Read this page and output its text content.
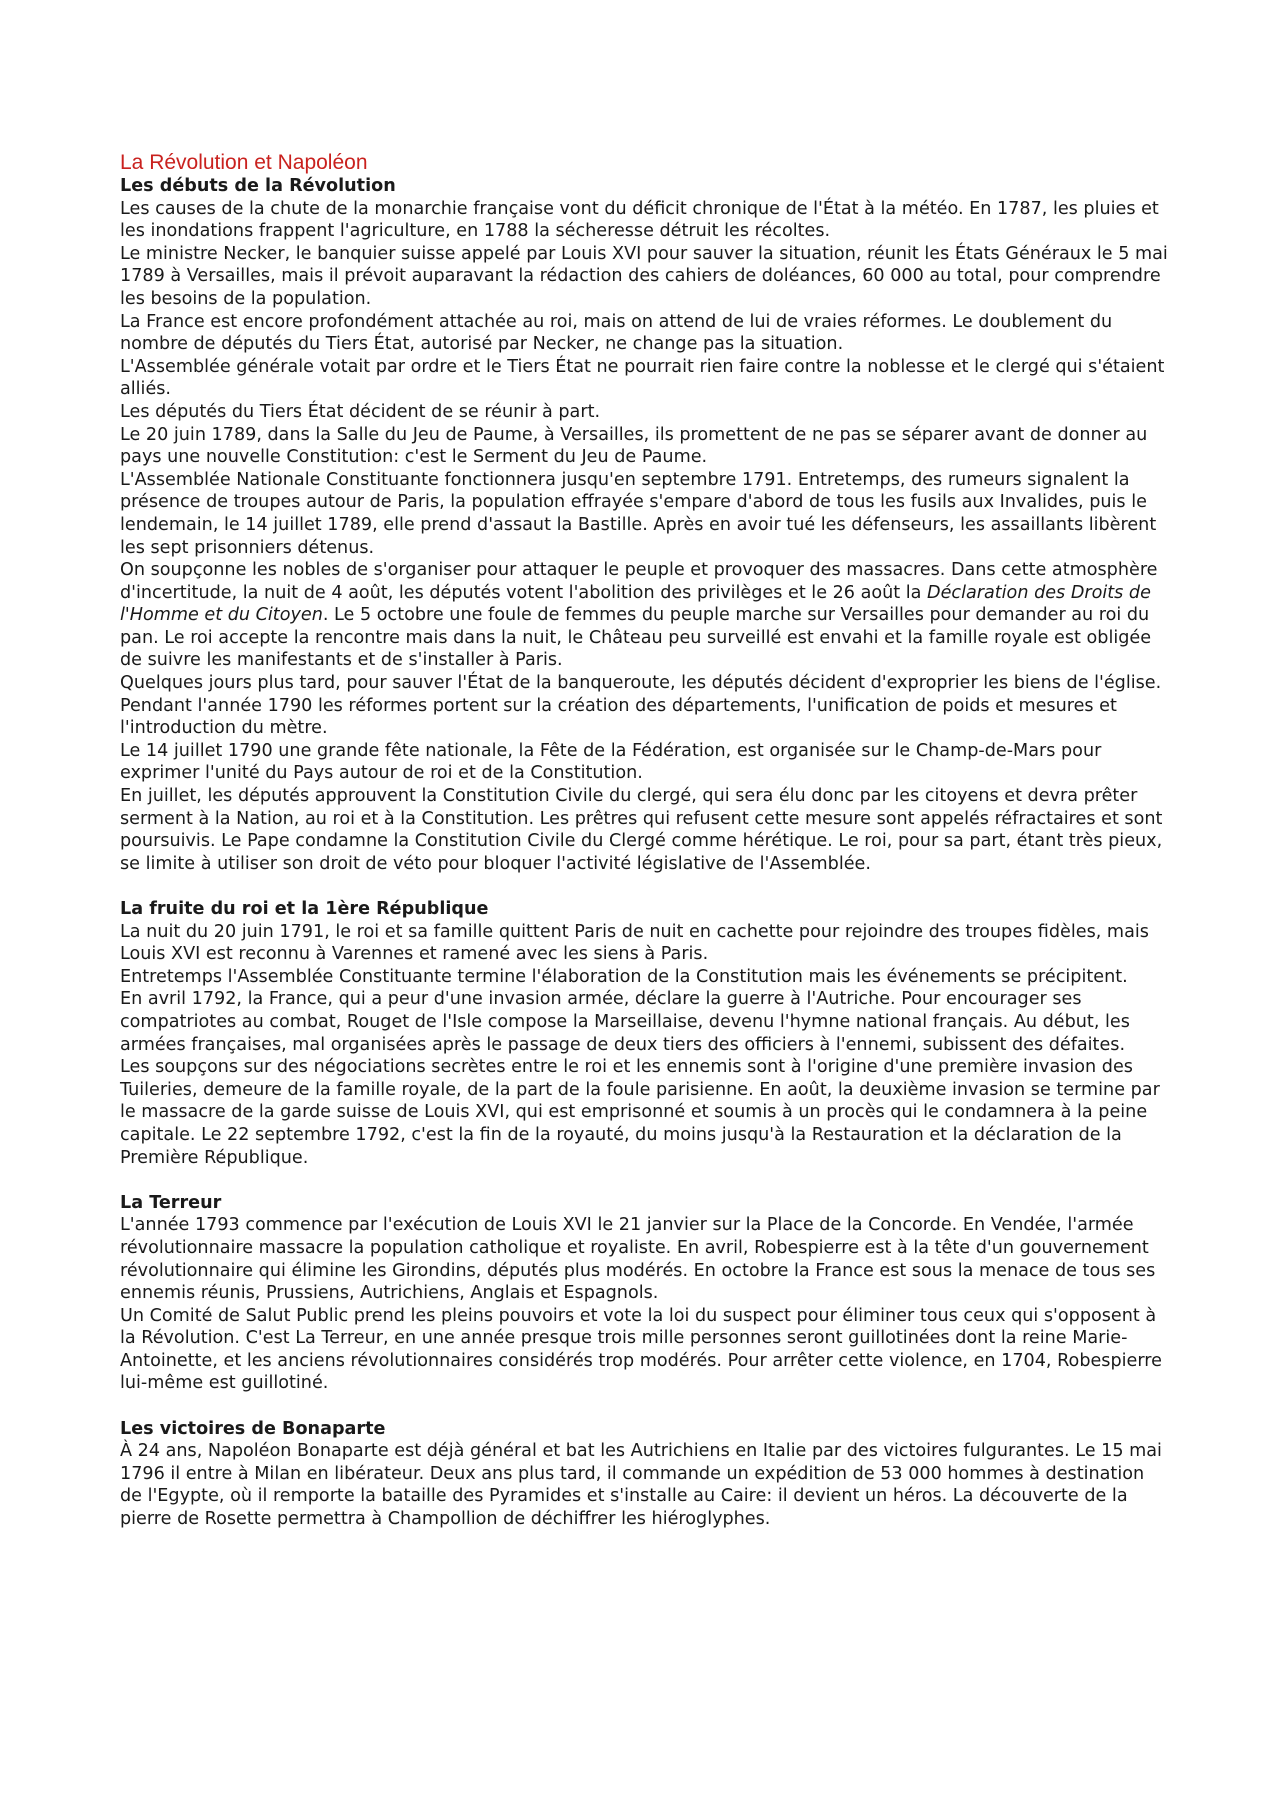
La Révolution et Napoléon
Les débuts de la Révolution

Les causes de la chute de la monarchie française vont du déficit chronique de l'État à la météo. En 1787, les pluies et les inondations frappent l'agriculture, en 1788 la sécheresse détruit les récoltes.

Le ministre Necker, le banquier suisse appelé par Louis XVI pour sauver la situation, réunit les États Généraux le 5 mai 1789 à Versailles, mais il prévoit auparavant la rédaction des cahiers de doléances, 60 000 au total, pour comprendre les besoins de la population.

La France est encore profondément attachée au roi, mais on attend de lui de vraies réformes. Le doublement du nombre de députés du Tiers État, autorisé par Necker, ne change pas la situation.

L'Assemblée générale votait par ordre et le Tiers État ne pourrait rien faire contre la noblesse et le clergé qui s'étaient alliés.

Les députés du Tiers État décident de se réunir à part.

Le 20 juin 1789, dans la Salle du Jeu de Paume, à Versailles, ils promettent de ne pas se séparer avant de donner au pays une nouvelle Constitution: c'est le Serment du Jeu de Paume.

L'Assemblée Nationale Constituante fonctionnera jusqu'en septembre 1791. Entretemps, des rumeurs signalent la présence de troupes autour de Paris, la population effrayée s'empare d'abord de tous les fusils aux Invalides, puis le lendemain, le 14 juillet 1789, elle prend d'assaut la Bastille. Après en avoir tué les défenseurs, les assaillants libèrent les sept prisonniers détenus.

On soupçonne les nobles de s'organiser pour attaquer le peuple et provoquer des massacres. Dans cette atmosphère d'incertitude, la nuit de 4 août, les députés votent l'abolition des privilèges et le 26 août la Déclaration des Droits de l'Homme et du Citoyen. Le 5 octobre une foule de femmes du peuple marche sur Versailles pour demander au roi du pan. Le roi accepte la rencontre mais dans la nuit, le Château peu surveillé est envahi et la famille royale est obligée de suivre les manifestants et de s'installer à Paris.

Quelques jours plus tard, pour sauver l'État de la banqueroute, les députés décident d'exproprier les biens de l'église. Pendant l'année 1790 les réformes portent sur la création des départements, l'unification de poids et mesures et l'introduction du mètre.

Le 14 juillet 1790 une grande fête nationale, la Fête de la Fédération, est organisée sur le Champ-de-Mars pour exprimer l'unité du Pays autour de roi et de la Constitution.

En juillet, les députés approuvent la Constitution Civile du clergé, qui sera élu donc par les citoyens et devra prêter serment à la Nation, au roi et à la Constitution. Les prêtres qui refusent cette mesure sont appelés réfractaires et sont poursuivis. Le Pape condamne la Constitution Civile du Clergé comme hérétique. Le roi, pour sa part, étant très pieux, se limite à utiliser son droit de véto pour bloquer l'activité législative de l'Assemblée.

La fruite du roi et la 1ère République

La nuit du 20 juin 1791, le roi et sa famille quittent Paris de nuit en cachette pour rejoindre des troupes fidèles, mais Louis XVI est reconnu à Varennes et ramené avec les siens à Paris.

Entretemps l'Assemblée Constituante termine l'élaboration de la Constitution mais les événements se précipitent.

En avril 1792, la France, qui a peur d'une invasion armée, déclare la guerre à l'Autriche. Pour encourager ses compatriotes au combat, Rouget de l'Isle compose la Marseillaise, devenu l'hymne national français. Au début, les armées françaises, mal organisées après le passage de deux tiers des officiers à l'ennemi, subissent des défaites.

Les soupçons sur des négociations secrètes entre le roi et les ennemis sont à l'origine d'une première invasion des Tuileries, demeure de la famille royale, de la part de la foule parisienne. En août, la deuxième invasion se termine par le massacre de la garde suisse de Louis XVI, qui est emprisonné et soumis à un procès qui le condamnera à la peine capitale. Le 22 septembre 1792, c'est la fin de la royauté, du moins jusqu'à la Restauration et la déclaration de la Première République.

La Terreur

L'année 1793 commence par l'exécution de Louis XVI le 21 janvier sur la Place de la Concorde. En Vendée, l'armée révolutionnaire massacre la population catholique et royaliste. En avril, Robespierre est à la tête d'un gouvernement révolutionnaire qui élimine les Girondins, députés plus modérés. En octobre la France est sous la menace de tous ses ennemis réunis, Prussiens, Autrichiens, Anglais et Espagnols.

Un Comité de Salut Public prend les pleins pouvoirs et vote la loi du suspect pour éliminer tous ceux qui s'opposent à la Révolution. C'est La Terreur, en une année presque trois mille personnes seront guillotinées dont la reine Marie-Antoinette, et les anciens révolutionnaires considérés trop modérés. Pour arrêter cette violence, en 1704, Robespierre lui-même est guillotiné.

Les victoires de Bonaparte

À 24 ans, Napoléon Bonaparte est déjà général et bat les Autrichiens en Italie par des victoires fulgurantes. Le 15 mai 1796 il entre à Milan en libérateur. Deux ans plus tard, il commande un expédition de 53 000 hommes à destination de l'Egypte, où il remporte la bataille des Pyramides et s'installe au Caire: il devient un héros. La découverte de la pierre de Rosette permettra à Champollion de déchiffrer les hiéroglyphes.
